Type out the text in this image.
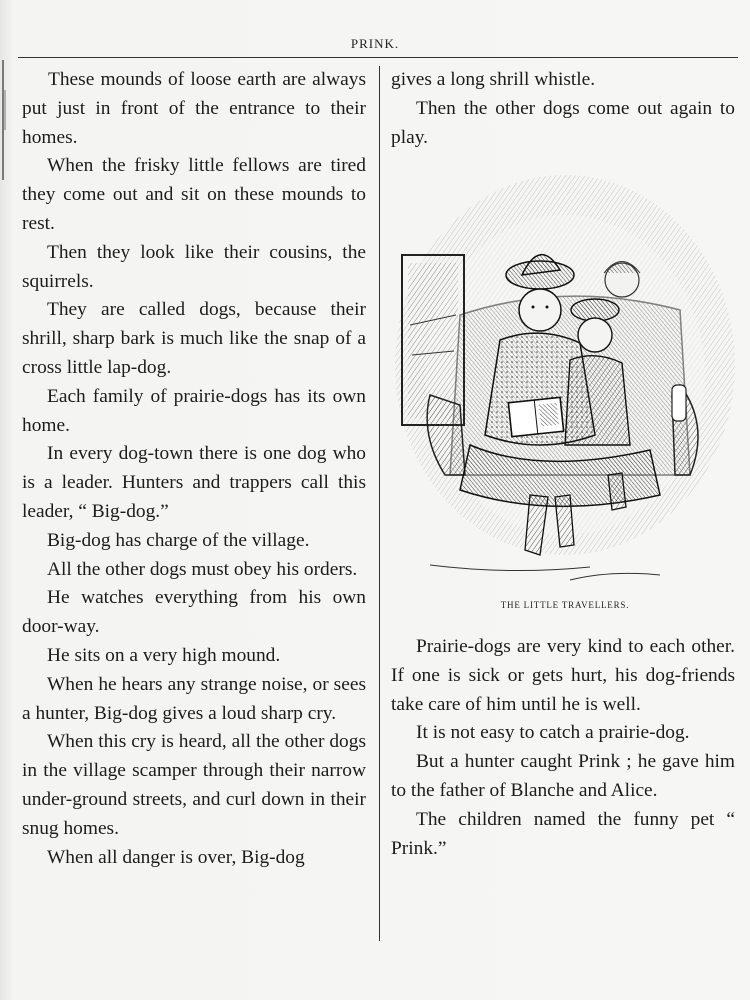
PRINK.

These mounds of loose earth are always put just in front of the entrance to their homes.

When the frisky little fellows are tired they come out and sit on these mounds to rest.

Then they look like their cousins, the squirrels.

They are called dogs, because their shrill, sharp bark is much like the snap of a cross little lap-dog.

Each family of prairie-dogs has its own home.

In every dog-town there is one dog who is a leader. Hunters and trappers call this leader, “ Big-dog.”

Big-dog has charge of the village.

All the other dogs must obey his orders.

He watches everything from his own door-way.

He sits on a very high mound.

When he hears any strange noise, or sees a hunter, Big-dog gives a loud sharp cry.

When this cry is heard, all the other dogs in the village scamper through their narrow under-ground streets, and curl down in their snug homes.

When all danger is over, Big-dog

gives a long shrill whistle.

Then the other dogs come out again to play.

THE LITTLE TRAVELLERS.

Prairie-dogs are very kind to each other. If one is sick or gets hurt, his dog-friends take care of him until he is well.

It is not easy to catch a prairie-dog.

But a hunter caught Prink ; he gave him to the father of Blanche and Alice.

The children named the funny pet “ Prink.”
